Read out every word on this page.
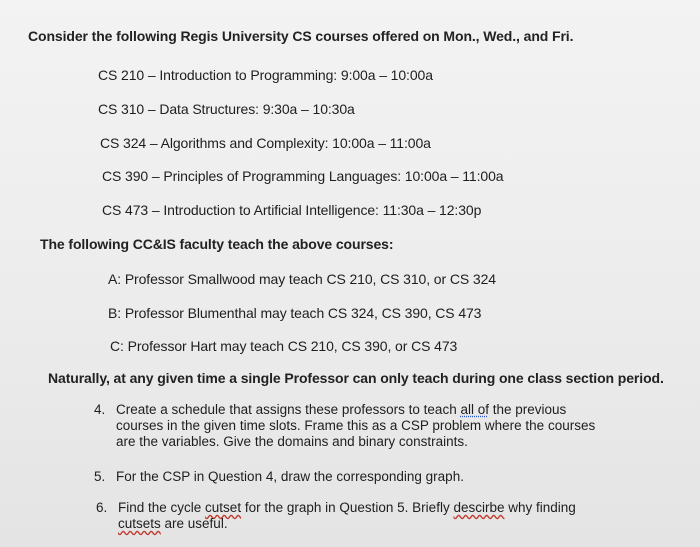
Consider the following Regis University CS courses offered on Mon., Wed., and Fri.
CS 210 – Introduction to Programming: 9:00a – 10:00a
CS 310 – Data Structures: 9:30a – 10:30a
CS 324 – Algorithms and Complexity: 10:00a – 11:00a
CS 390 – Principles of Programming Languages: 10:00a – 11:00a
CS 473 – Introduction to Artificial Intelligence: 11:30a – 12:30p
The following CC&IS faculty teach the above courses:
A: Professor Smallwood may teach CS 210, CS 310, or CS 324
B: Professor Blumenthal may teach CS 324, CS 390, CS 473
C: Professor Hart may teach CS 210, CS 390, or CS 473
Naturally, at any given time a single Professor can only teach during one class section period.
4. Create a schedule that assigns these professors to teach all of the previous
courses in the given time slots. Frame this as a CSP problem where the courses
are the variables. Give the domains and binary constraints.
5. For the CSP in Question 4, draw the corresponding graph.
6. Find the cycle cutset for the graph in Question 5. Briefly descirbe why finding
cutsets are useful.
